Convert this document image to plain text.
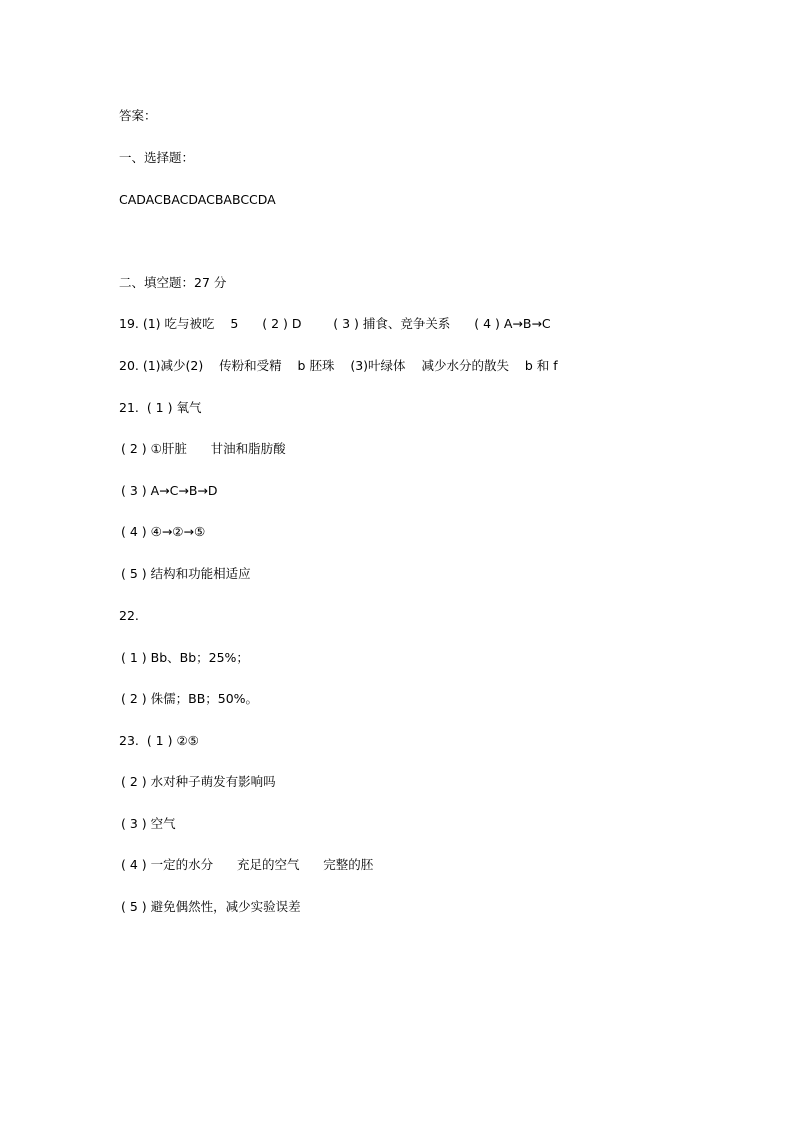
答案：
一、选择题：
CADACBACDACBABCCDA
二、填空题：27 分
19. (1) 吃与被吃    5      ( 2 ) D        ( 3 ) 捕食、竞争关系      ( 4 ) A→B→C
20. (1)减少(2)    传粉和受精    b 胚珠    (3)叶绿体    减少水分的散失    b 和 f
21.  ( 1 ) 氧气
( 2 ) ①肝脏      甘油和脂肪酸
( 3 ) A→C→B→D
( 4 ) ④→②→⑤
( 5 ) 结构和功能相适应
22.
( 1 ) Bb、Bb；25%；
( 2 ) 侏儒；BB；50%。
23.  ( 1 ) ②⑤
( 2 ) 水对种子萌发有影响吗
( 3 ) 空气
( 4 ) 一定的水分      充足的空气      完整的胚
( 5 ) 避免偶然性，减少实验误差
